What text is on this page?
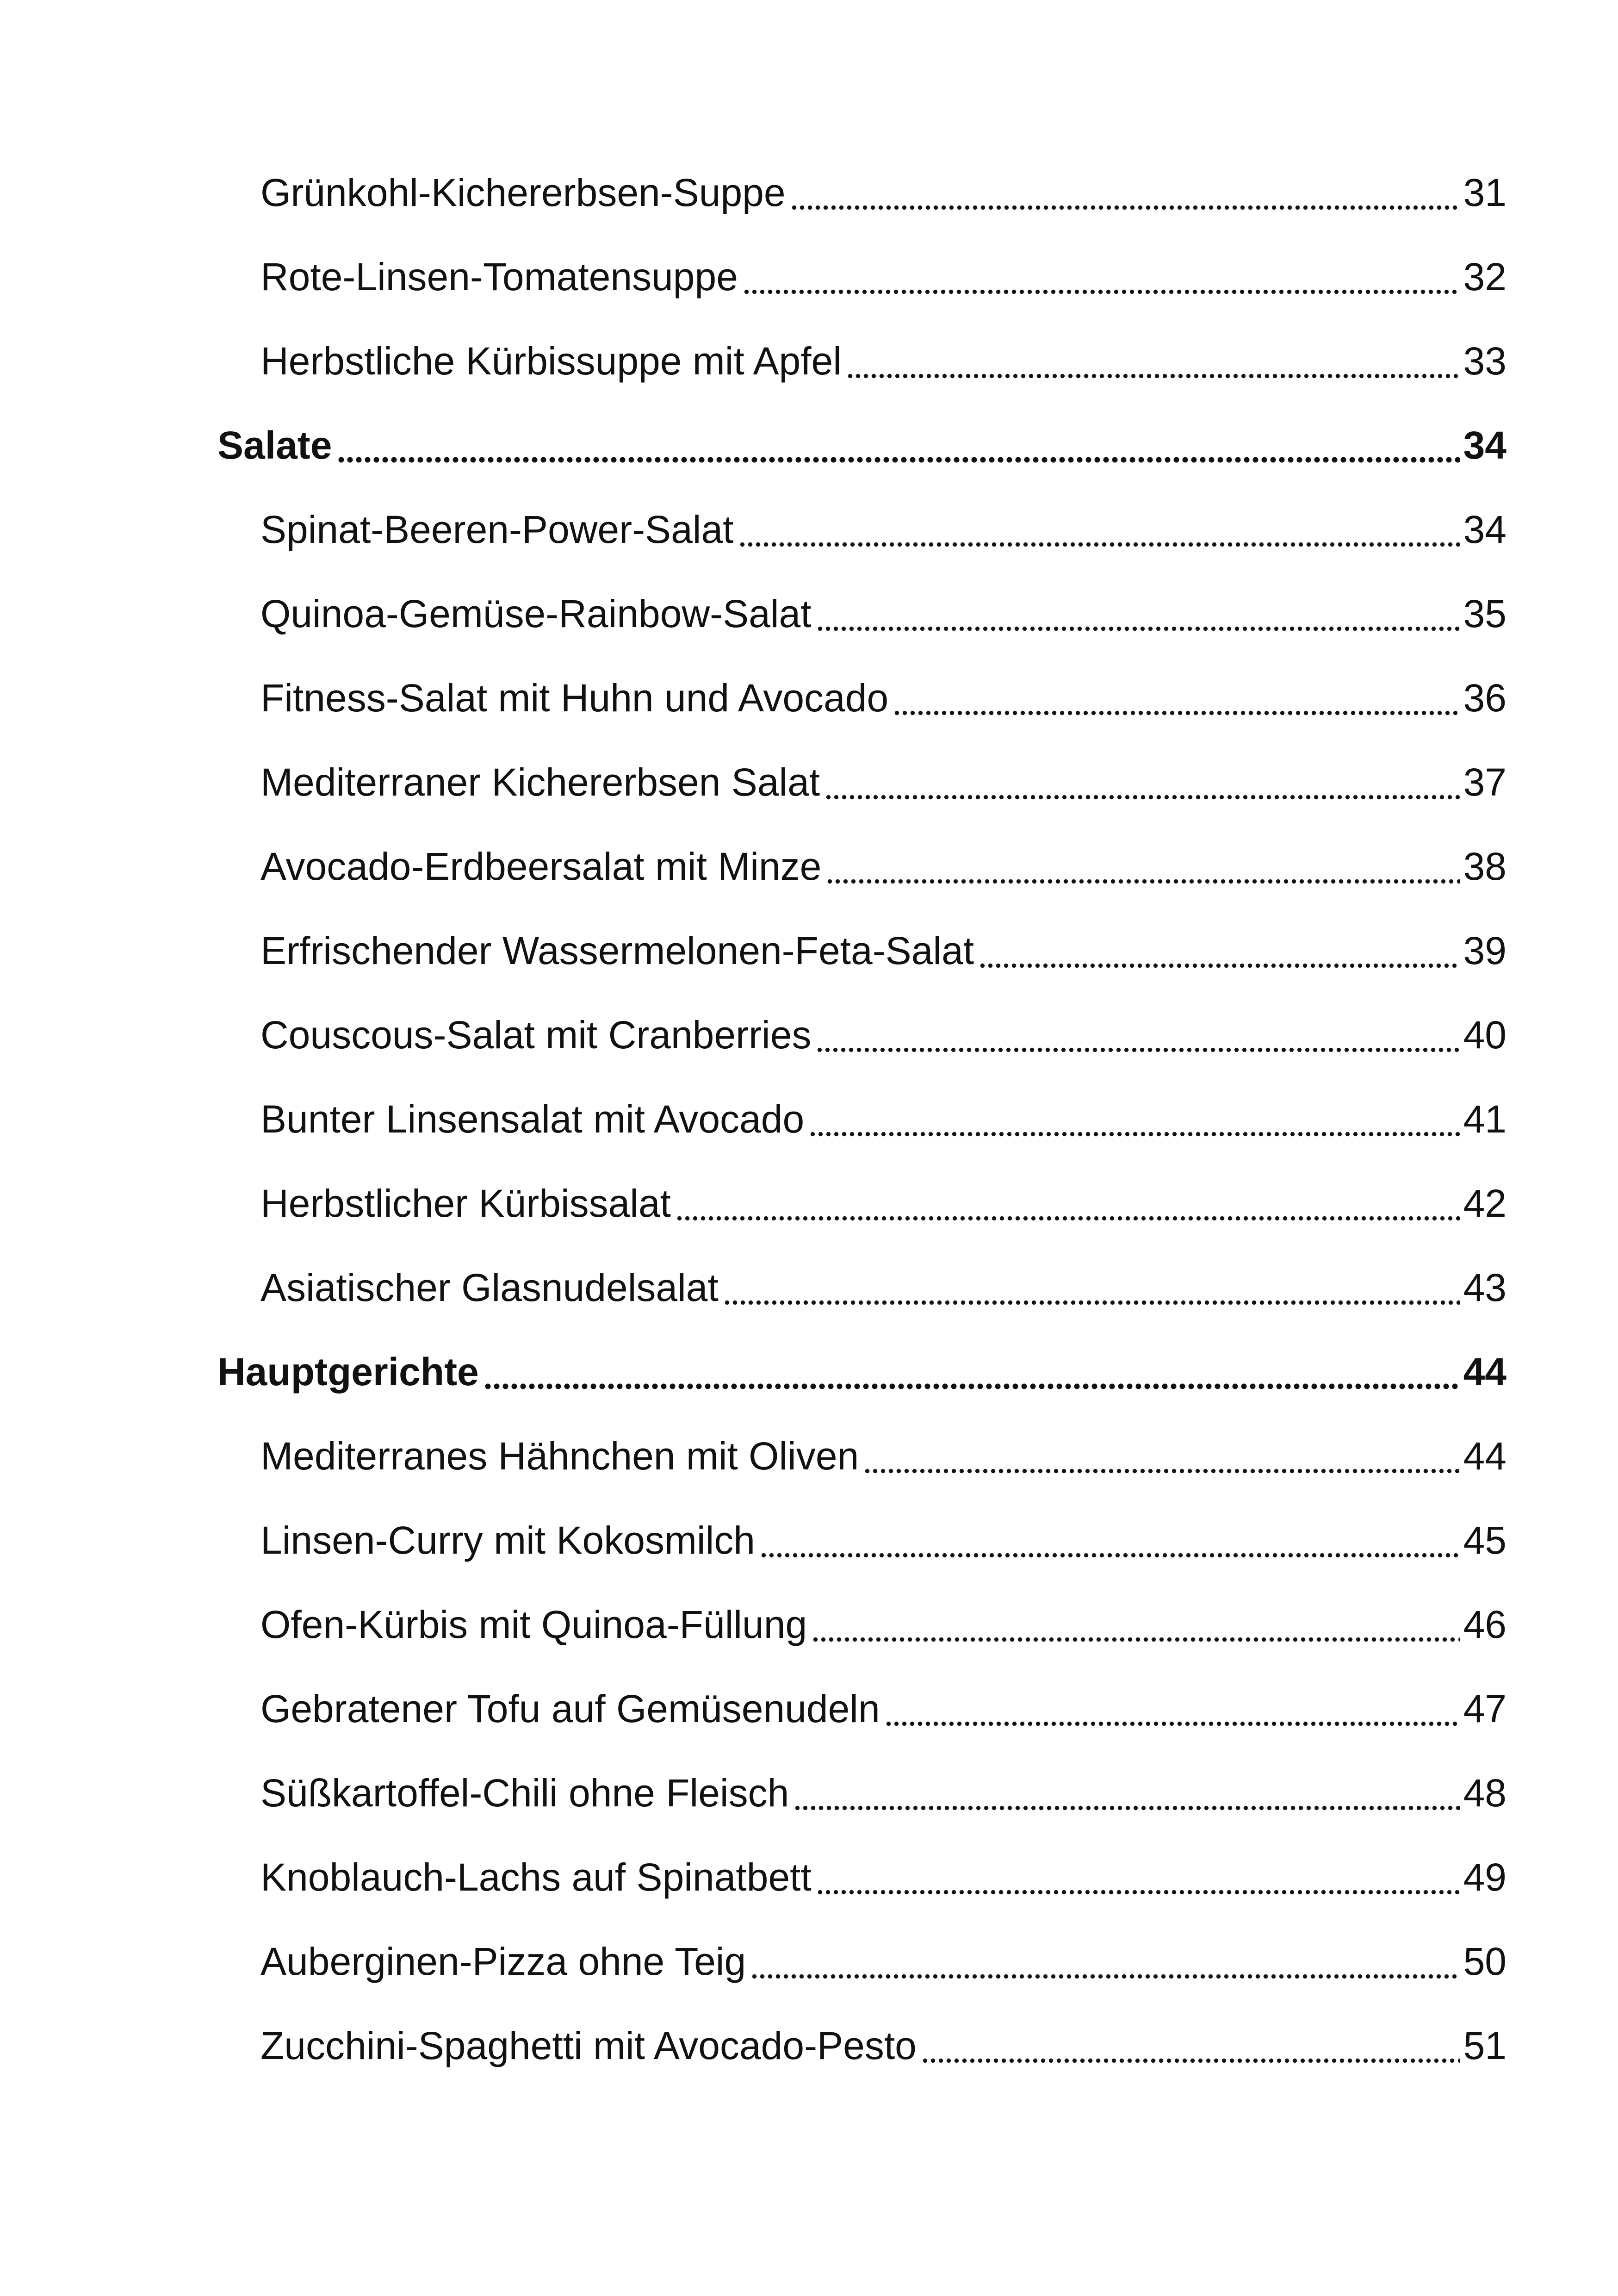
Grünkohl-Kichererbsen-Suppe	31
Rote-Linsen-Tomatensuppe	32
Herbstliche Kürbissuppe mit Apfel	33
Salate	34
Spinat-Beeren-Power-Salat	34
Quinoa-Gemüse-Rainbow-Salat	35
Fitness-Salat mit Huhn und Avocado	36
Mediterraner Kichererbsen Salat	37
Avocado-Erdbeersalat mit Minze	38
Erfrischender Wassermelonen-Feta-Salat	39
Couscous-Salat mit Cranberries	40
Bunter Linsensalat mit Avocado	41
Herbstlicher Kürbissalat	42
Asiatischer Glasnudelsalat	43
Hauptgerichte	44
Mediterranes Hähnchen mit Oliven	44
Linsen-Curry mit Kokosmilch	45
Ofen-Kürbis mit Quinoa-Füllung	46
Gebratener Tofu auf Gemüsenudeln	47
Süßkartoffel-Chili ohne Fleisch	48
Knoblauch-Lachs auf Spinatbett	49
Auberginen-Pizza ohne Teig	50
Zucchini-Spaghetti mit Avocado-Pesto	51
